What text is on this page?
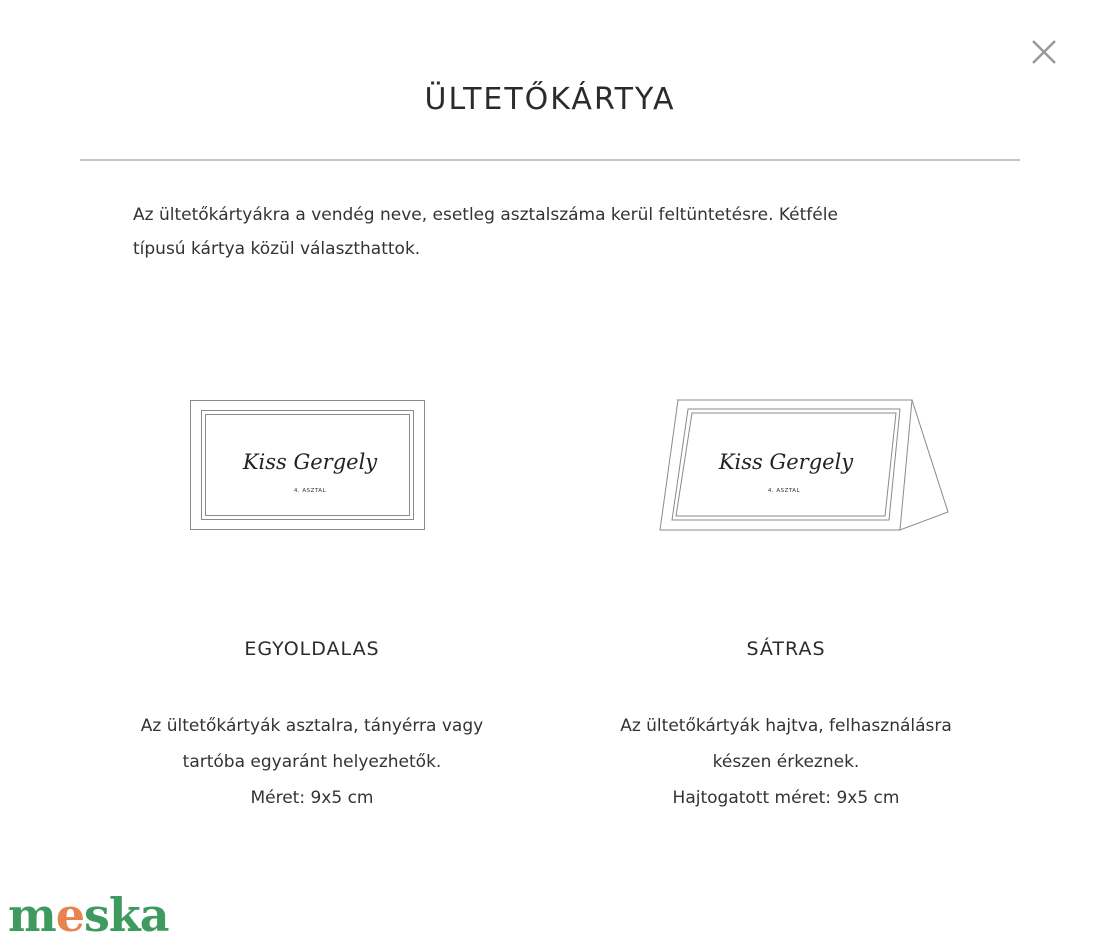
ÜLTETŐKÁRTYA
Az ültetőkártyákra a vendég neve, esetleg asztalszáma kerül feltüntetésre. Kétféle
típusú kártya közül választhattok.
Kiss Gergely
4. ASZTAL
Kiss Gergely
4. ASZTAL
EGYOLDALAS
Az ültetőkártyák asztalra, tányérra vagy
tartóba egyaránt helyezhetők.
Méret: 9x5 cm
SÁTRAS
Az ültetőkártyák hajtva, felhasználásra
készen érkeznek.
Hajtogatott méret: 9x5 cm
meska
